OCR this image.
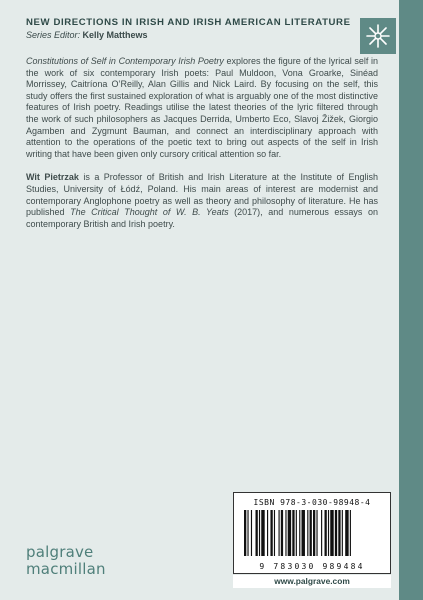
NEW DIRECTIONS IN IRISH AND IRISH AMERICAN LITERATURE

Series Editor: Kelly Matthews

Constitutions of Self in Contemporary Irish Poetry explores the figure of the lyrical self in the work of six contemporary Irish poets: Paul Muldoon, Vona Groarke, Sinéad Morrissey, Caitríona O’Reilly, Alan Gillis and Nick Laird. By focusing on the self, this study offers the first sustained exploration of what is arguably one of the most distinctive features of Irish poetry. Readings utilise the latest theories of the lyric filtered through the work of such philosophers as Jacques Derrida, Umberto Eco, Slavoj Žižek, Giorgio Agamben and Zygmunt Bauman, and connect an interdisciplinary approach with attention to the operations of the poetic text to bring out aspects of the self in Irish writing that have been given only cursory critical attention so far.

Wit Pietrzak is a Professor of British and Irish Literature at the Institute of English Studies, University of Łódź, Poland. His main areas of interest are modernist and contemporary Anglophone poetry as well as theory and philosophy of literature. He has published The Critical Thought of W. B. Yeats (2017), and numerous essays on contemporary British and Irish poetry.

ISBN 978-3-030-98948-4
9 783030 989484
www.palgrave.com
palgrave
macmillan
